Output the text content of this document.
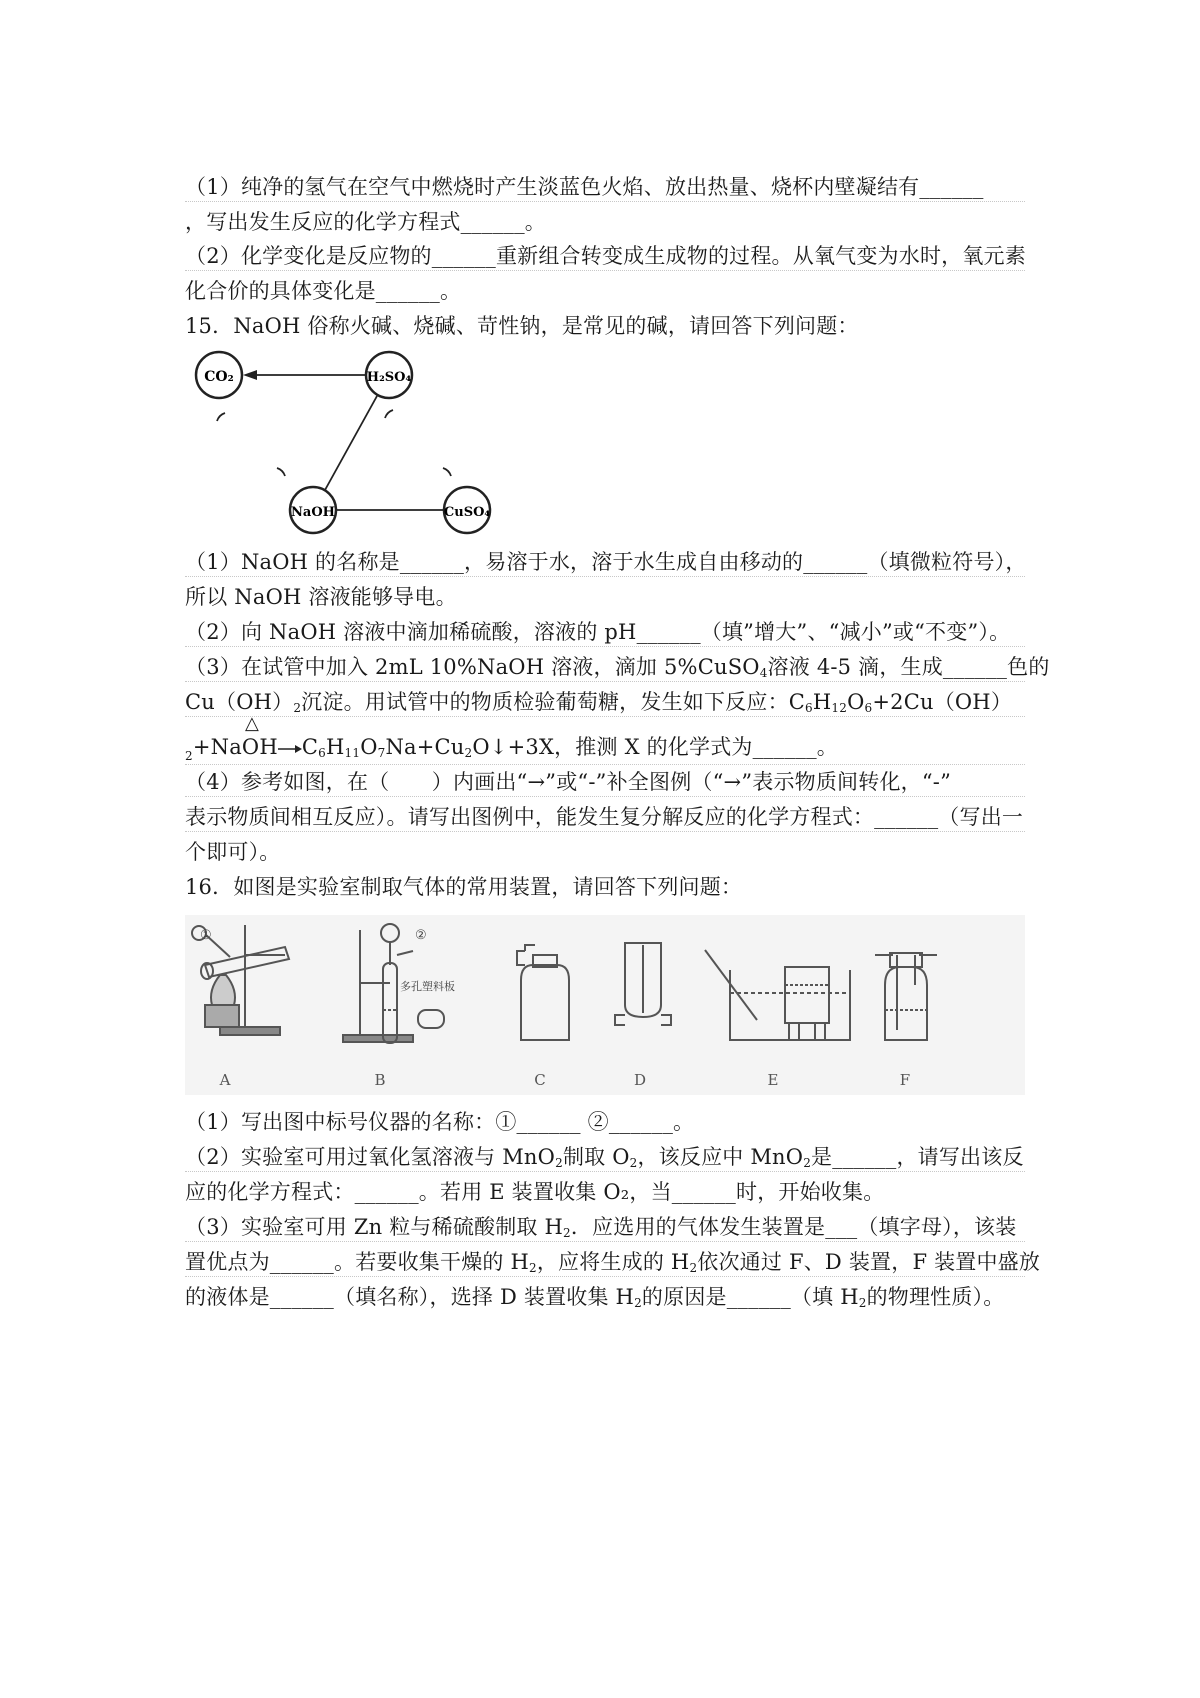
（1）纯净的氢气在空气中燃烧时产生淡蓝色火焰、放出热量、烧杯内壁凝结有______
，写出发生反应的化学方程式______。
（2）化学变化是反应物的______重新组合转变成生成物的过程。从氧气变为水时，氧元素
化合价的具体变化是______。
15．NaOH 俗称火碱、烧碱、苛性钠，是常见的碱，请回答下列问题：
CO₂	H₂SO₄
NaOH	CuSO₄
（1）NaOH 的名称是______，易溶于水，溶于水生成自由移动的______（填微粒符号），
所以 NaOH 溶液能够导电。
（2）向 NaOH 溶液中滴加稀硫酸，溶液的 pH______（填”增大”、“减小”或“不变”）。
（3）在试管中加入 2mL 10%NaOH 溶液，滴加 5%CuSO$_4$溶液 4-5 滴，生成______色的
$Cu(OH)_2$沉淀。用试管中的物质检验葡萄糖，发生如下反应：$C_6H_{12}O_6+2Cu(OH)$
△
$_2+NaOH\to C_6H_{11}O_7Na+Cu_2O↓+3X$，推测 X 的化学式为______。
（4）参考如图，在（　　）内画出“→”或“-”补全图例（“→”表示物质间转化，“-”
表示物质间相互反应）。请写出图例中，能发生复分解反应的化学方程式：______（写出一
个即可）。
16．如图是实验室制取气体的常用装置，请回答下列问题：
①	②
多孔塑料板
A	B	C	D	E	F
（1）写出图中标号仪器的名称：①______ ②______。
（2）实验室可用过氧化氢溶液与 MnO$_2$制取 $O_2$，该反应中 MnO$_2$是______，请写出该反
应的化学方程式：______。若用 E 装置收集 O₂，当______时，开始收集。
（3）实验室可用 Zn 粒与稀硫酸制取 $H_2$．应选用的气体发生装置是___（填字母），该装
置优点为______。若要收集干燥的 $H_2$，应将生成的 $H_2$依次通过 F、D 装置，F 装置中盛放
的液体是______（填名称），选择 D 装置收集 $H_2$的原因是______（填 $H_2$的物理性质）。
